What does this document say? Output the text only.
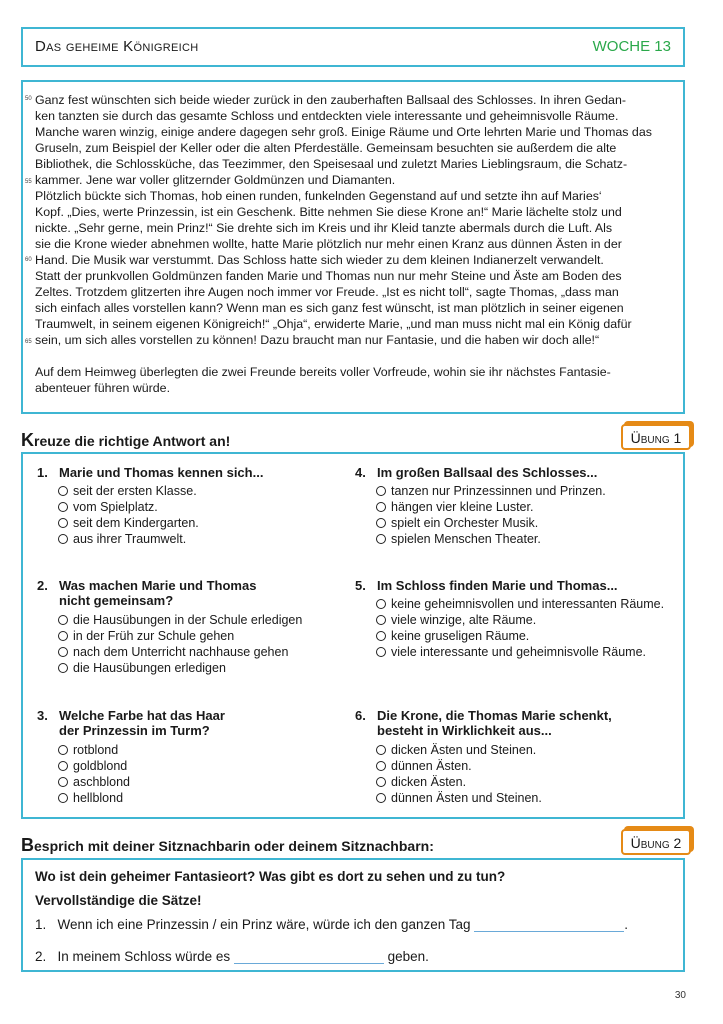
Das geheime Königreich	WOCHE 13
50
55
60
65
Ganz fest wünschten sich beide wieder zurück in den zauberhaften Ballsaal des Schlosses. In ihren Gedan-
ken tanzten sie durch das gesamte Schloss und entdeckten viele interessante und geheimnisvolle Räume.
Manche waren winzig, einige andere dagegen sehr groß. Einige Räume und Orte lehrten Marie und Thomas das
Gruseln, zum Beispiel der Keller oder die alten Pferdeställe. Gemeinsam besuchten sie außerdem die alte
Bibliothek, die Schlossküche, das Teezimmer, den Speisesaal und zuletzt Maries Lieblingsraum, die Schatz-
kammer. Jene war voller glitzernder Goldmünzen und Diamanten.
Plötzlich bückte sich Thomas, hob einen runden, funkelnden Gegenstand auf und setzte ihn auf Maries‘
Kopf. „Dies, werte Prinzessin, ist ein Geschenk. Bitte nehmen Sie diese Krone an!“ Marie lächelte stolz und
nickte. „Sehr gerne, mein Prinz!“ Sie drehte sich im Kreis und ihr Kleid tanzte abermals durch die Luft. Als
sie die Krone wieder abnehmen wollte, hatte Marie plötzlich nur mehr einen Kranz aus dünnen Ästen in der
Hand. Die Musik war verstummt. Das Schloss hatte sich wieder zu dem kleinen Indianerzelt verwandelt.
Statt der prunkvollen Goldmünzen fanden Marie und Thomas nun nur mehr Steine und Äste am Boden des
Zeltes. Trotzdem glitzerten ihre Augen noch immer vor Freude. „Ist es nicht toll“, sagte Thomas, „dass man
sich einfach alles vorstellen kann? Wenn man es sich ganz fest wünscht, ist man plötzlich in seiner eigenen
Traumwelt, in seinem eigenen Königreich!“ „Ohja“, erwiderte Marie, „und man muss nicht mal ein König dafür
sein, um sich alles vorstellen zu können! Dazu braucht man nur Fantasie, und die haben wir doch alle!“
Auf dem Heimweg überlegten die zwei Freunde bereits voller Vorfreude, wohin sie ihr nächstes Fantasie-
abenteuer führen würde.
Kreuze die richtige Antwort an!	Übung 1
1. Marie und Thomas kennen sich...
seit der ersten Klasse.
vom Spielplatz.
seit dem Kindergarten.
aus ihrer Traumwelt.
2. Was machen Marie und Thomas
nicht gemeinsam?
die Hausübungen in der Schule erledigen
in der Früh zur Schule gehen
nach dem Unterricht nachhause gehen
die Hausübungen erledigen
3. Welche Farbe hat das Haar
der Prinzessin im Turm?
rotblond
goldblond
aschblond
hellblond
4. Im großen Ballsaal des Schlosses...
tanzen nur Prinzessinnen und Prinzen.
hängen vier kleine Luster.
spielt ein Orchester Musik.
spielen Menschen Theater.
5. Im Schloss finden Marie und Thomas...
keine geheimnisvollen und interessanten Räume.
viele winzige, alte Räume.
keine gruseligen Räume.
viele interessante und geheimnisvolle Räume.
6. Die Krone, die Thomas Marie schenkt,
besteht in Wirklichkeit aus...
dicken Ästen und Steinen.
dünnen Ästen.
dicken Ästen.
dünnen Ästen und Steinen.
Besprich mit deiner Sitznachbarin oder deinem Sitznachbarn:	Übung 2
Wo ist dein geheimer Fantasieort? Was gibt es dort zu sehen und zu tun?
Vervollständige die Sätze!
1. Wenn ich eine Prinzessin / ein Prinz wäre, würde ich den ganzen Tag	.
2. In meinem Schloss würde es	geben.
30
